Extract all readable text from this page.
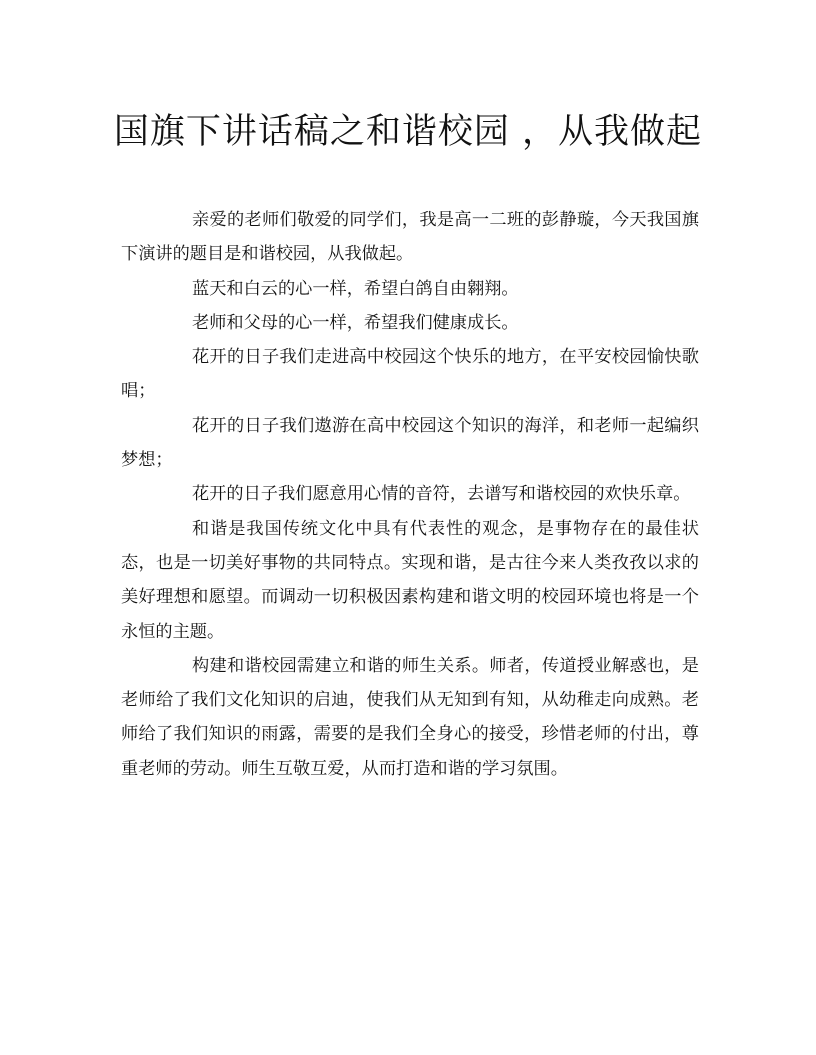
国旗下讲话稿之和谐校园 ，从我做起

亲爱的老师们敬爱的同学们，我是高一二班的彭静璇，今天我国旗下演讲的题目是和谐校园，从我做起。

蓝天和白云的心一样，希望白鸽自由翱翔。

老师和父母的心一样，希望我们健康成长。

花开的日子我们走进高中校园这个快乐的地方，在平安校园愉快歌唱；

花开的日子我们遨游在高中校园这个知识的海洋，和老师一起编织梦想；

花开的日子我们愿意用心情的音符，去谱写和谐校园的欢快乐章。

和谐是我国传统文化中具有代表性的观念，是事物存在的最佳状态，也是一切美好事物的共同特点。实现和谐，是古往今来人类孜孜以求的美好理想和愿望。而调动一切积极因素构建和谐文明的校园环境也将是一个永恒的主题。

构建和谐校园需建立和谐的师生关系。师者，传道授业解惑也，是老师给了我们文化知识的启迪，使我们从无知到有知，从幼稚走向成熟。老师给了我们知识的雨露，需要的是我们全身心的接受，珍惜老师的付出，尊重老师的劳动。师生互敬互爱，从而打造和谐的学习氛围。
